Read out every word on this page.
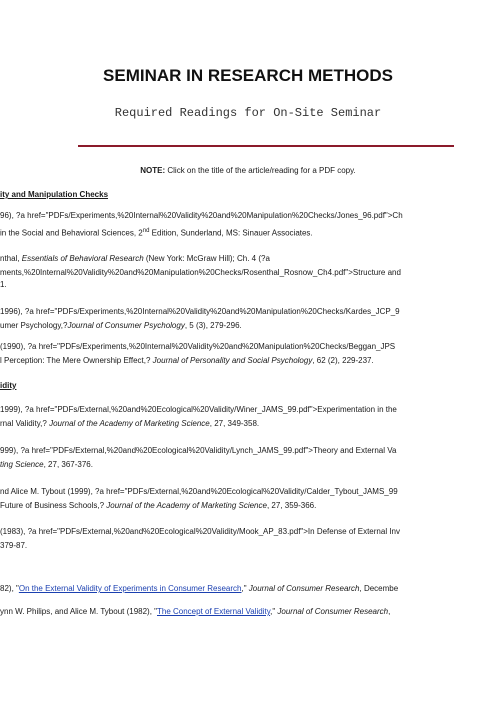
SEMINAR IN RESEARCH METHODS
Required Readings for On-Site Seminar
NOTE: Click on the title of the article/reading for a PDF copy.
ity and Manipulation Checks
96), ?a href="PDFs/Experiments,%20Internal%20Validity%20and%20Manipulation%20Checks/Jones_96.pdf">Ch
in the Social and Behavioral Sciences, 2nd Edition, Sunderland, MS: Sinauer Associates.
nthal, Essentials of Behavioral Research (New York: McGraw Hill); Ch. 4 (?a
ments,%20Internal%20Validity%20and%20Manipulation%20Checks/Rosenthal_Rosnow_Ch4.pdf">Structure and
1.
1996), ?a href="PDFs/Experiments,%20Internal%20Validity%20and%20Manipulation%20Checks/Kardes_JCP_9
umer Psychology,?Journal of Consumer Psychology, 5 (3), 279-296.
(1990), ?a href="PDFs/Experiments,%20Internal%20Validity%20and%20Manipulation%20Checks/Beggan_JPS
l Perception: The Mere Ownership Effect,? Journal of Personality and Social Psychology, 62 (2), 229-237.
idity
1999), ?a href="PDFs/External,%20and%20Ecological%20Validity/Winer_JAMS_99.pdf">Experimentation in the
rnal Validity,? Journal of the Academy of Marketing Science, 27, 349-358.
999), ?a href="PDFs/External,%20and%20Ecological%20Validity/Lynch_JAMS_99.pdf">Theory and External Va
ting Science, 27, 367-376.
nd Alice M. Tybout (1999), ?a href="PDFs/External,%20and%20Ecological%20Validity/Calder_Tybout_JAMS_99
Future of Business Schools,? Journal of the Academy of Marketing Science, 27, 359-366.
(1983), ?a href="PDFs/External,%20and%20Ecological%20Validity/Mook_AP_83.pdf">In Defense of External Inv
379-87.
82), "On the External Validity of Experiments in Consumer Research," Journal of Consumer Research, Decembe
ynn W. Philips, and Alice M. Tybout (1982), "The Concept of External Validity," Journal of Consumer Research,
